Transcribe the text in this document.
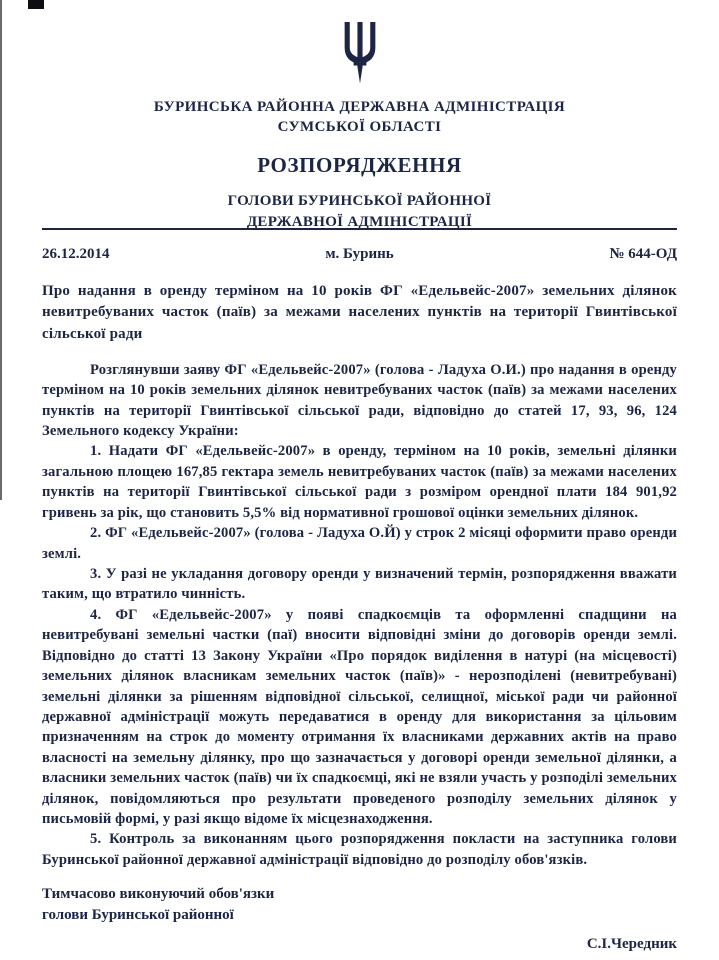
БУРИНСЬКА РАЙОННА ДЕРЖАВНА АДМІНІСТРАЦІЯ
СУМСЬКОЇ ОБЛАСТІ
РОЗПОРЯДЖЕННЯ
ГОЛОВИ БУРИНСЬКОЇ РАЙОННОЇ
ДЕРЖАВНОЇ АДМІНІСТРАЦІЇ
26.12.2014	м. Буринь	№ 644-ОД
Про надання в оренду терміном на 10 років ФГ «Едельвейс-2007» земельних ділянок невитребуваних часток (паїв) за межами населених пунктів на території Гвинтівської сільської ради

Розглянувши заяву ФГ «Едельвейс-2007» (голова - Ладуха О.И.) про надання в оренду терміном на 10 років земельних ділянок невитребуваних часток (паїв) за межами населених пунктів на території Гвинтівської сільської ради, відповідно до статей 17, 93, 96, 124 Земельного кодексу України:

1. Надати ФГ «Едельвейс-2007» в оренду, терміном на 10 років, земельні ділянки загальною площею 167,85 гектара земель невитребуваних часток (паїв) за межами населених пунктів на території Гвинтівської сільської ради з розміром орендної плати 184 901,92 гривень за рік, що становить 5,5% від нормативної грошової оцінки земельних ділянок.

2. ФГ «Едельвейс-2007» (голова - Ладуха О.Й) у строк 2 місяці оформити право оренди землі.

3. У разі не укладання договору оренди у визначений термін, розпорядження вважати таким, що втратило чинність.

4. ФГ «Едельвейс-2007» у появі спадкоємців та оформленні спадщини на невитребувані земельні частки (паї) вносити відповідні зміни до договорів оренди землі. Відповідно до статті 13 Закону України «Про порядок виділення в натурі (на місцевості) земельних ділянок власникам земельних часток (паїв)» - нерозподілені (невитребувані) земельні ділянки за рішенням відповідної сільської, селищної, міської ради чи районної державної адміністрації можуть передаватися в оренду для використання за цільовим призначенням на строк до моменту отримання їх власниками державних актів на право власності на земельну ділянку, про що зазначається у договорі оренди земельної ділянки, а власники земельних часток (паїв) чи їх спадкоємці, які не взяли участь у розподілі земельних ділянок, повідомляються про результати проведеного розподілу земельних ділянок у письмовій формі, у разі якщо відоме їх місцезнаходження.

5. Контроль за виконанням цього розпорядження покласти на заступника голови Буринської районної державної адміністрації відповідно до розподілу обов'язків.

Тимчасово виконуючий обов'язки
голови Буринської районної
С.І.Чередник
